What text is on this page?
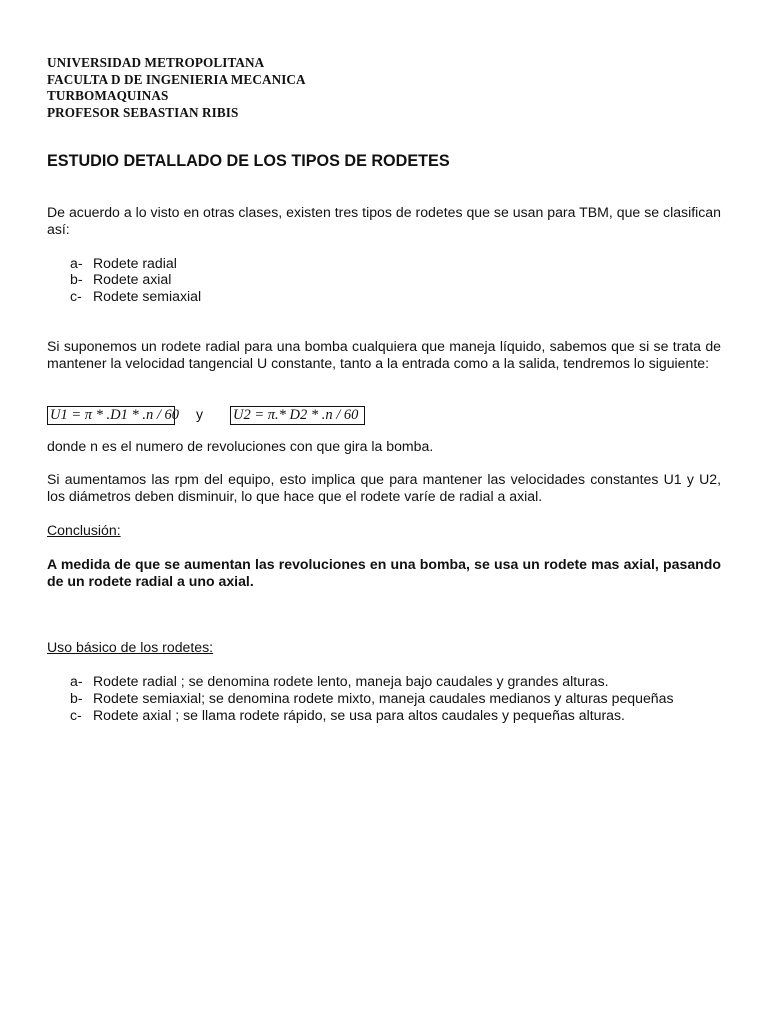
UNIVERSIDAD METROPOLITANA
FACULTA D DE INGENIERIA MECANICA
TURBOMAQUINAS
PROFESOR SEBASTIAN RIBIS
ESTUDIO DETALLADO DE LOS TIPOS DE RODETES
De acuerdo a lo visto en otras clases, existen tres tipos de rodetes que se usan para TBM, que se clasifican así:
a- Rodete radial
b- Rodete axial
c- Rodete semiaxial
Si suponemos un rodete radial para una bomba cualquiera que maneja líquido, sabemos que si se trata de mantener la velocidad tangencial U constante, tanto a la entrada como a la salida, tendremos lo siguiente:
U1 = π * .D1 * .n / 60 y U2 = π.* D2 * .n / 60
donde n es el numero de revoluciones con que gira la bomba.
Si aumentamos las rpm del equipo, esto implica que para mantener las velocidades constantes U1 y U2, los diámetros deben disminuir, lo que hace que el rodete varíe de radial a axial.
Conclusión:
A medida de que se aumentan las revoluciones en una bomba, se usa un rodete mas axial, pasando de un rodete radial a uno axial.
Uso básico de los rodetes:
a- Rodete radial ; se denomina rodete lento, maneja bajo caudales y grandes alturas.
b- Rodete semiaxial; se denomina rodete mixto, maneja caudales medianos y alturas pequeñas
c- Rodete axial ; se llama rodete rápido, se usa para altos caudales y pequeñas alturas.
